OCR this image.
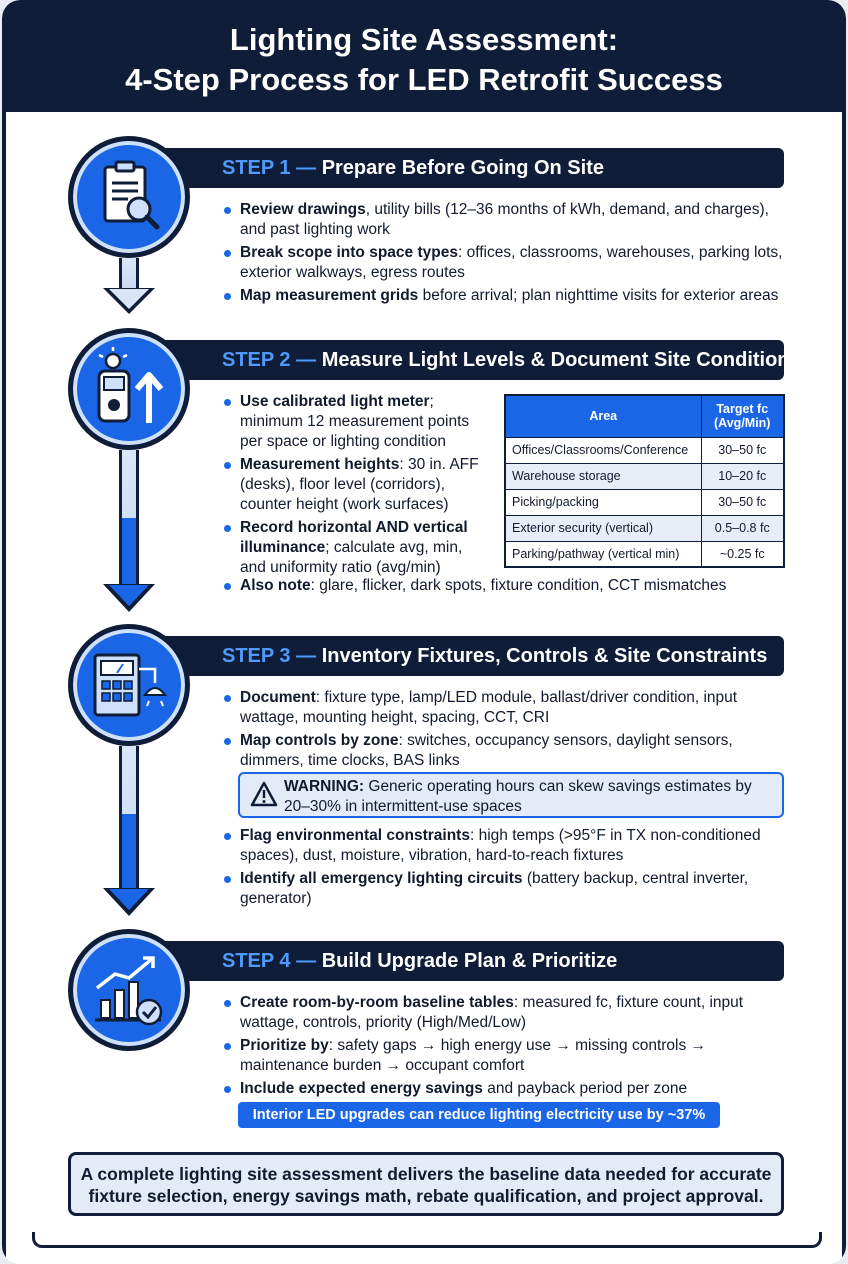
Lighting Site Assessment:
4-Step Process for LED Retrofit Success
STEP 1 — Prepare Before Going On Site
Review drawings, utility bills (12–36 months of kWh, demand, and charges), and past lighting work
Break scope into space types: offices, classrooms, warehouses, parking lots, exterior walkways, egress routes
Map measurement grids before arrival; plan nighttime visits for exterior areas
STEP 2 — Measure Light Levels & Document Site Conditions
Use calibrated light meter; minimum 12 measurement points per space or lighting condition
Measurement heights: 30 in. AFF (desks), floor level (corridors), counter height (work surfaces)
Record horizontal AND vertical illuminance; calculate avg, min, and uniformity ratio (avg/min)
Also note: glare, flicker, dark spots, fixture condition, CCT mismatches
Area	Target fc (Avg/Min)
Offices/Classrooms/Conference	30–50 fc
Warehouse storage	10–20 fc
Picking/packing	30–50 fc
Exterior security (vertical)	0.5–0.8 fc
Parking/pathway (vertical min)	~0.25 fc
STEP 3 — Inventory Fixtures, Controls & Site Constraints
Document: fixture type, lamp/LED module, ballast/driver condition, input wattage, mounting height, spacing, CCT, CRI
Map controls by zone: switches, occupancy sensors, daylight sensors, dimmers, time clocks, BAS links
WARNING: Generic operating hours can skew savings estimates by 20–30% in intermittent-use spaces
Flag environmental constraints: high temps (>95°F in TX non-conditioned spaces), dust, moisture, vibration, hard-to-reach fixtures
Identify all emergency lighting circuits (battery backup, central inverter, generator)
STEP 4 — Build Upgrade Plan & Prioritize
Create room-by-room baseline tables: measured fc, fixture count, input wattage, controls, priority (High/Med/Low)
Prioritize by: safety gaps → high energy use → missing controls → maintenance burden → occupant comfort
Include expected energy savings and payback period per zone
Interior LED upgrades can reduce lighting electricity use by ~37%
A complete lighting site assessment delivers the baseline data needed for accurate
fixture selection, energy savings math, rebate qualification, and project approval.
